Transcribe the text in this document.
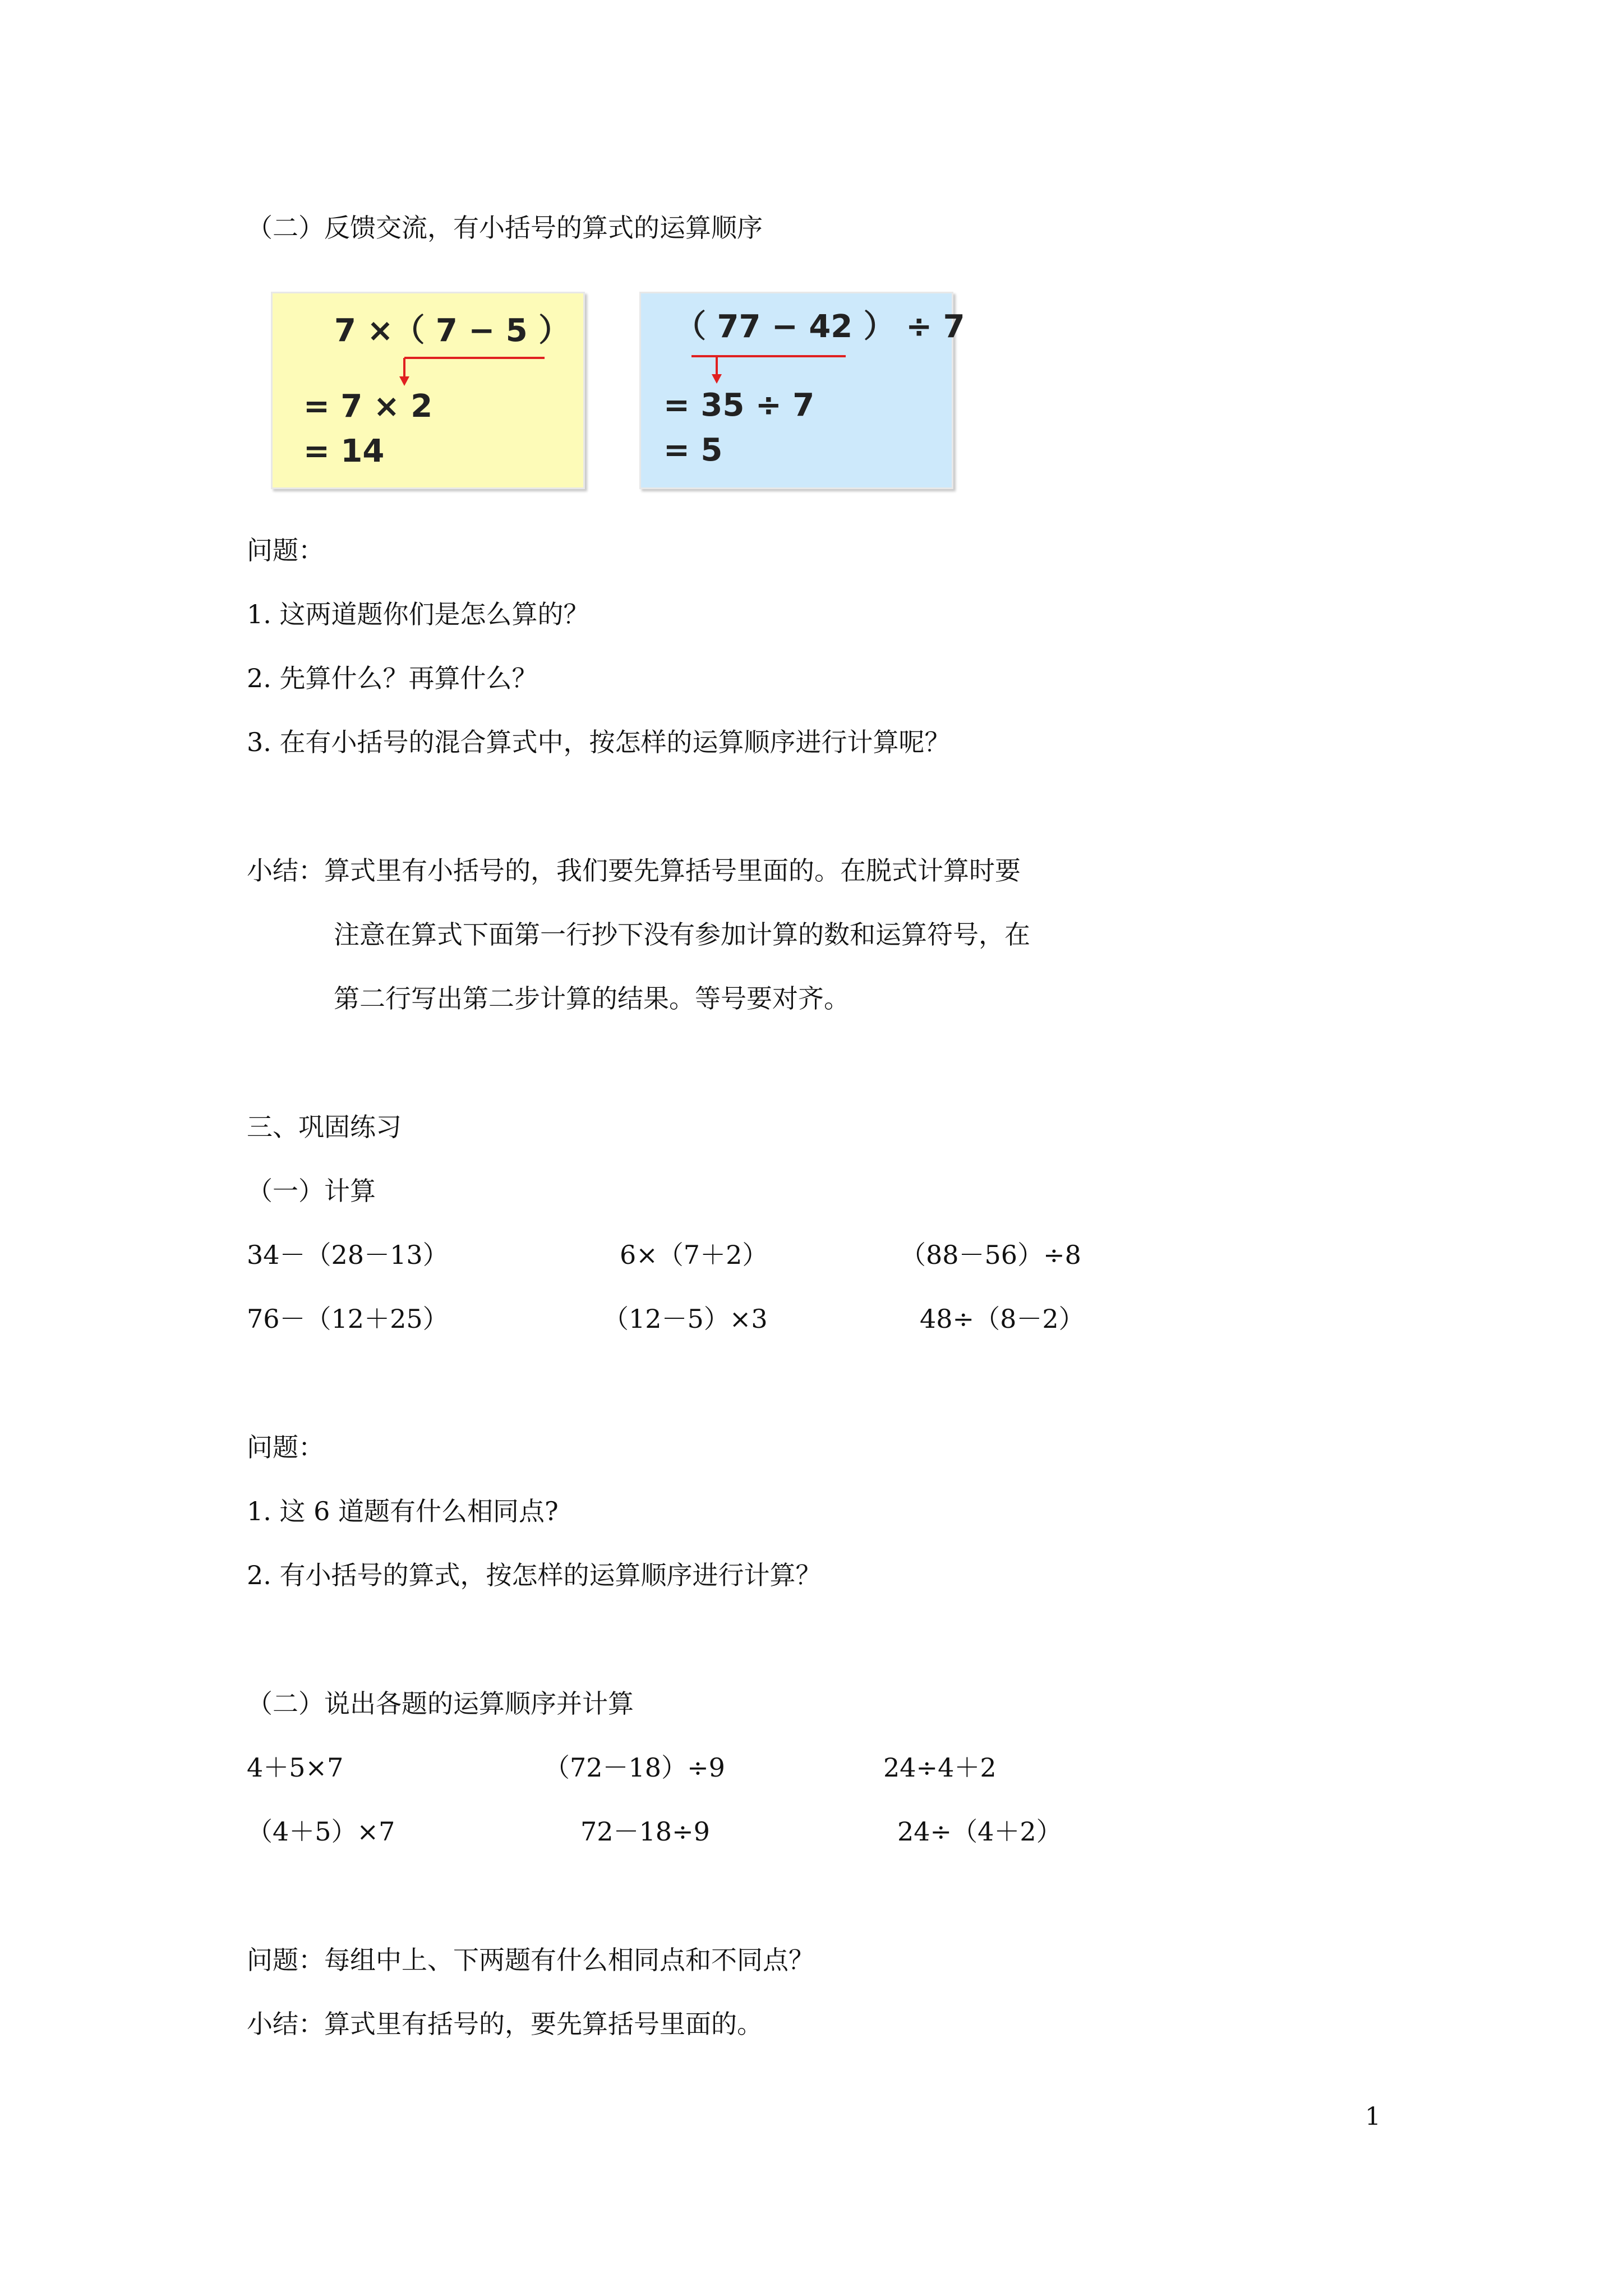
（二）反馈交流，有小括号的算式的运算顺序

7 ×（ 7 − 5 ）
= 7 × 2
= 14
（ 77 − 42 ） ÷ 7
= 35 ÷ 7
= 5

问题：

1. 这两道题你们是怎么算的？

2. 先算什么？再算什么？

3. 在有小括号的混合算式中，按怎样的运算顺序进行计算呢？

小结：算式里有小括号的，我们要先算括号里面的。在脱式计算时要

注意在算式下面第一行抄下没有参加计算的数和运算符号，在

第二行写出第二步计算的结果。等号要对齐。

三、巩固练习

（一）计算

34－（28－13）	6×（7＋2）	（88－56）÷8

76－（12＋25）	（12－5）×3	48÷（8－2）

问题：

1. 这 6 道题有什么相同点?

2. 有小括号的算式，按怎样的运算顺序进行计算？

（二）说出各题的运算顺序并计算

4＋5×7	（72－18）÷9	24÷4＋2

（4＋5）×7	72－18÷9	24÷（4＋2）

问题：每组中上、下两题有什么相同点和不同点？

小结：算式里有括号的，要先算括号里面的。

1
